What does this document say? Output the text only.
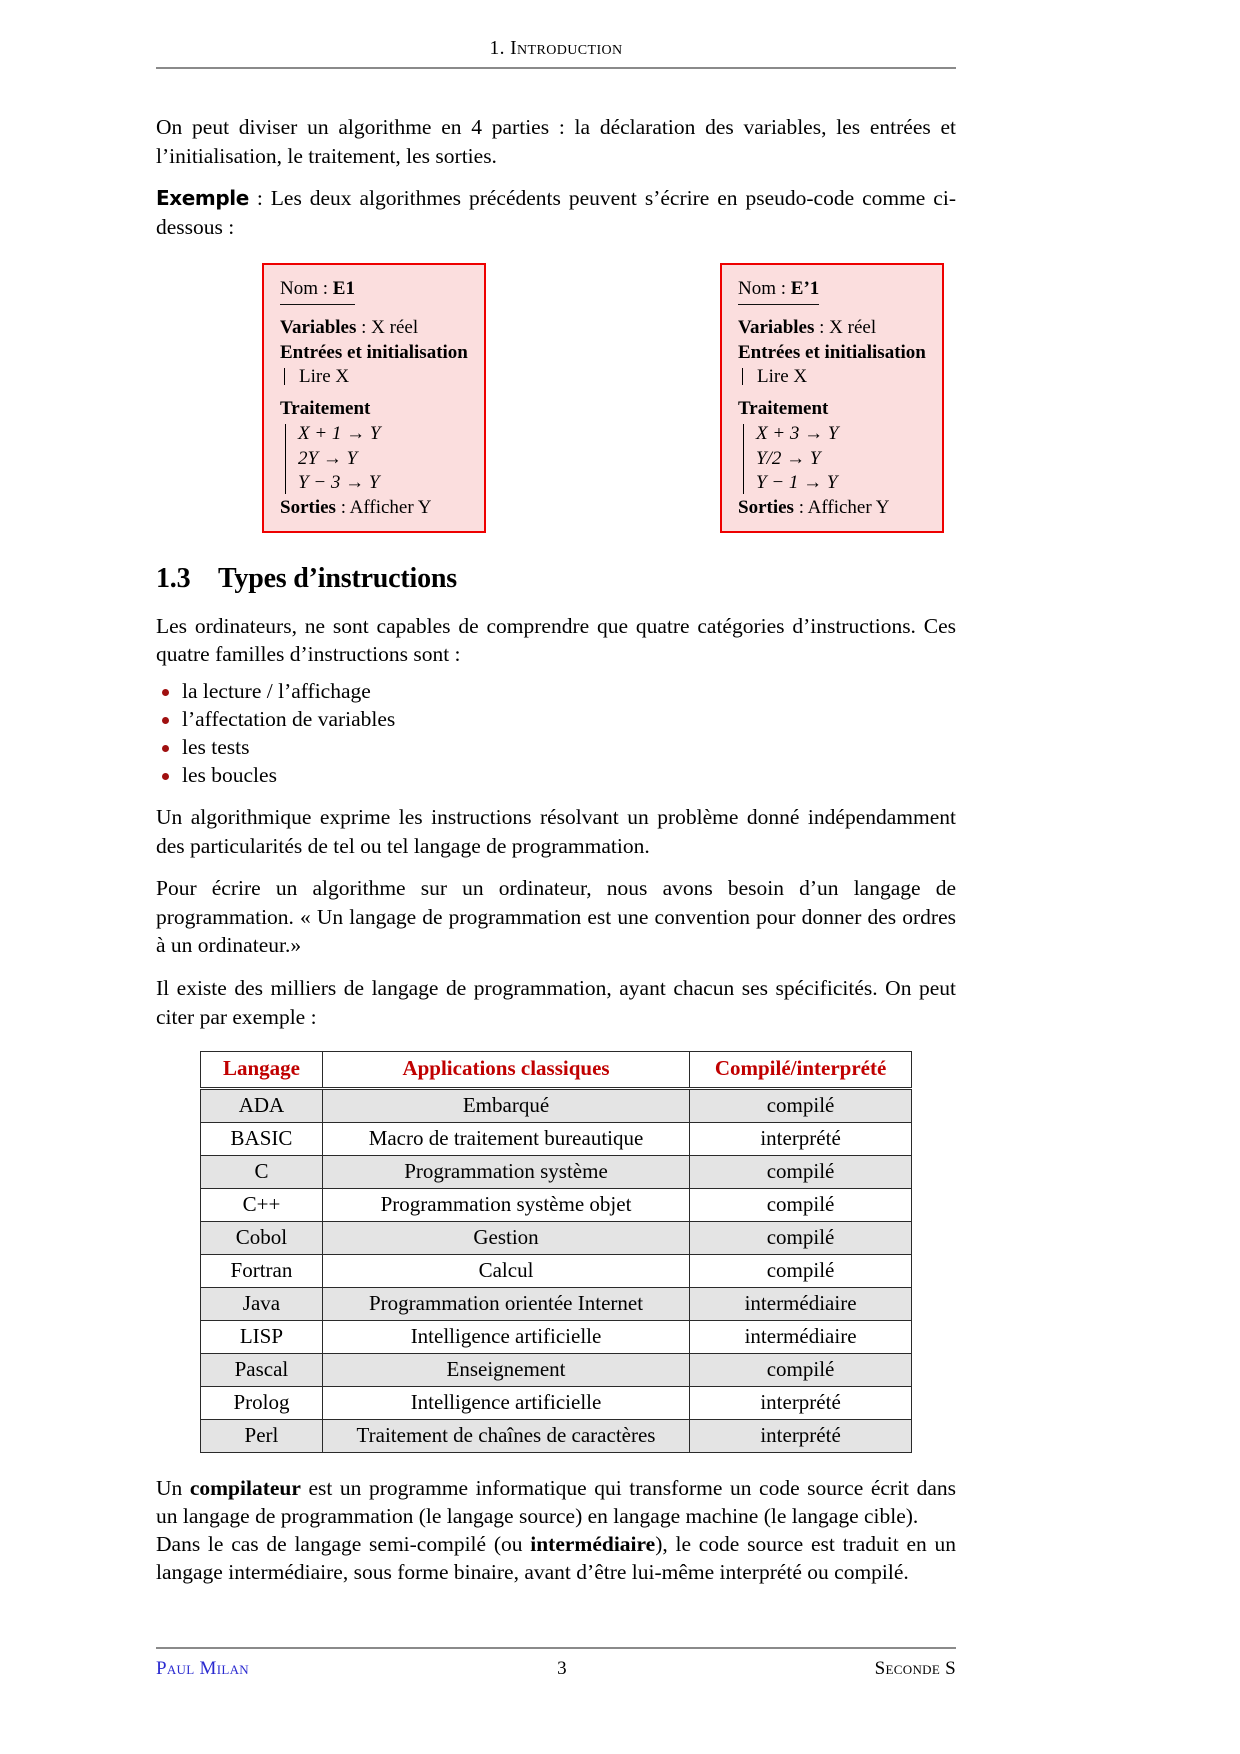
1. Introduction

On peut diviser un algorithme en 4 parties : la déclaration des variables, les entrées et l’initialisation, le traitement, les sorties.

Exemple : Les deux algorithmes précédents peuvent s’écrire en pseudo-code comme ci-dessous :

Nom : E1
Variables : X réel
Entrées et initialisation
Lire X
Traitement
X + 1 → Y
2Y → Y
Y − 3 → Y
Sorties : Afficher Y
Nom : E’1
Variables : X réel
Entrées et initialisation
Lire X
Traitement
X + 3 → Y
Y/2 → Y
Y − 1 → Y
Sorties : Afficher Y
1.3 Types d’instructions

Les ordinateurs, ne sont capables de comprendre que quatre catégories d’instructions. Ces quatre familles d’instructions sont :

la lecture / l’affichage
l’affectation de variables
les tests
les boucles

Un algorithmique exprime les instructions résolvant un problème donné indépendamment des particularités de tel ou tel langage de programmation.

Pour écrire un algorithme sur un ordinateur, nous avons besoin d’un langage de programmation. « Un langage de programmation est une convention pour donner des ordres à un ordinateur.»

Il existe des milliers de langage de programmation, ayant chacun ses spécificités. On peut citer par exemple :

Langage	Applications classiques	Compilé/interprété
ADA	Embarqué	compilé
BASIC	Macro de traitement bureautique	interprété
C	Programmation système	compilé
C++	Programmation système objet	compilé
Cobol	Gestion	compilé
Fortran	Calcul	compilé
Java	Programmation orientée Internet	intermédiaire
LISP	Intelligence artificielle	intermédiaire
Pascal	Enseignement	compilé
Prolog	Intelligence artificielle	interprété
Perl	Traitement de chaînes de caractères	interprété

Un compilateur est un programme informatique qui transforme un code source écrit dans un langage de programmation (le langage source) en langage machine (le langage cible).

Dans le cas de langage semi-compilé (ou intermédiaire), le code source est traduit en un langage intermédiaire, sous forme binaire, avant d’être lui-même interprété ou compilé.

Paul Milan	3	Seconde S
